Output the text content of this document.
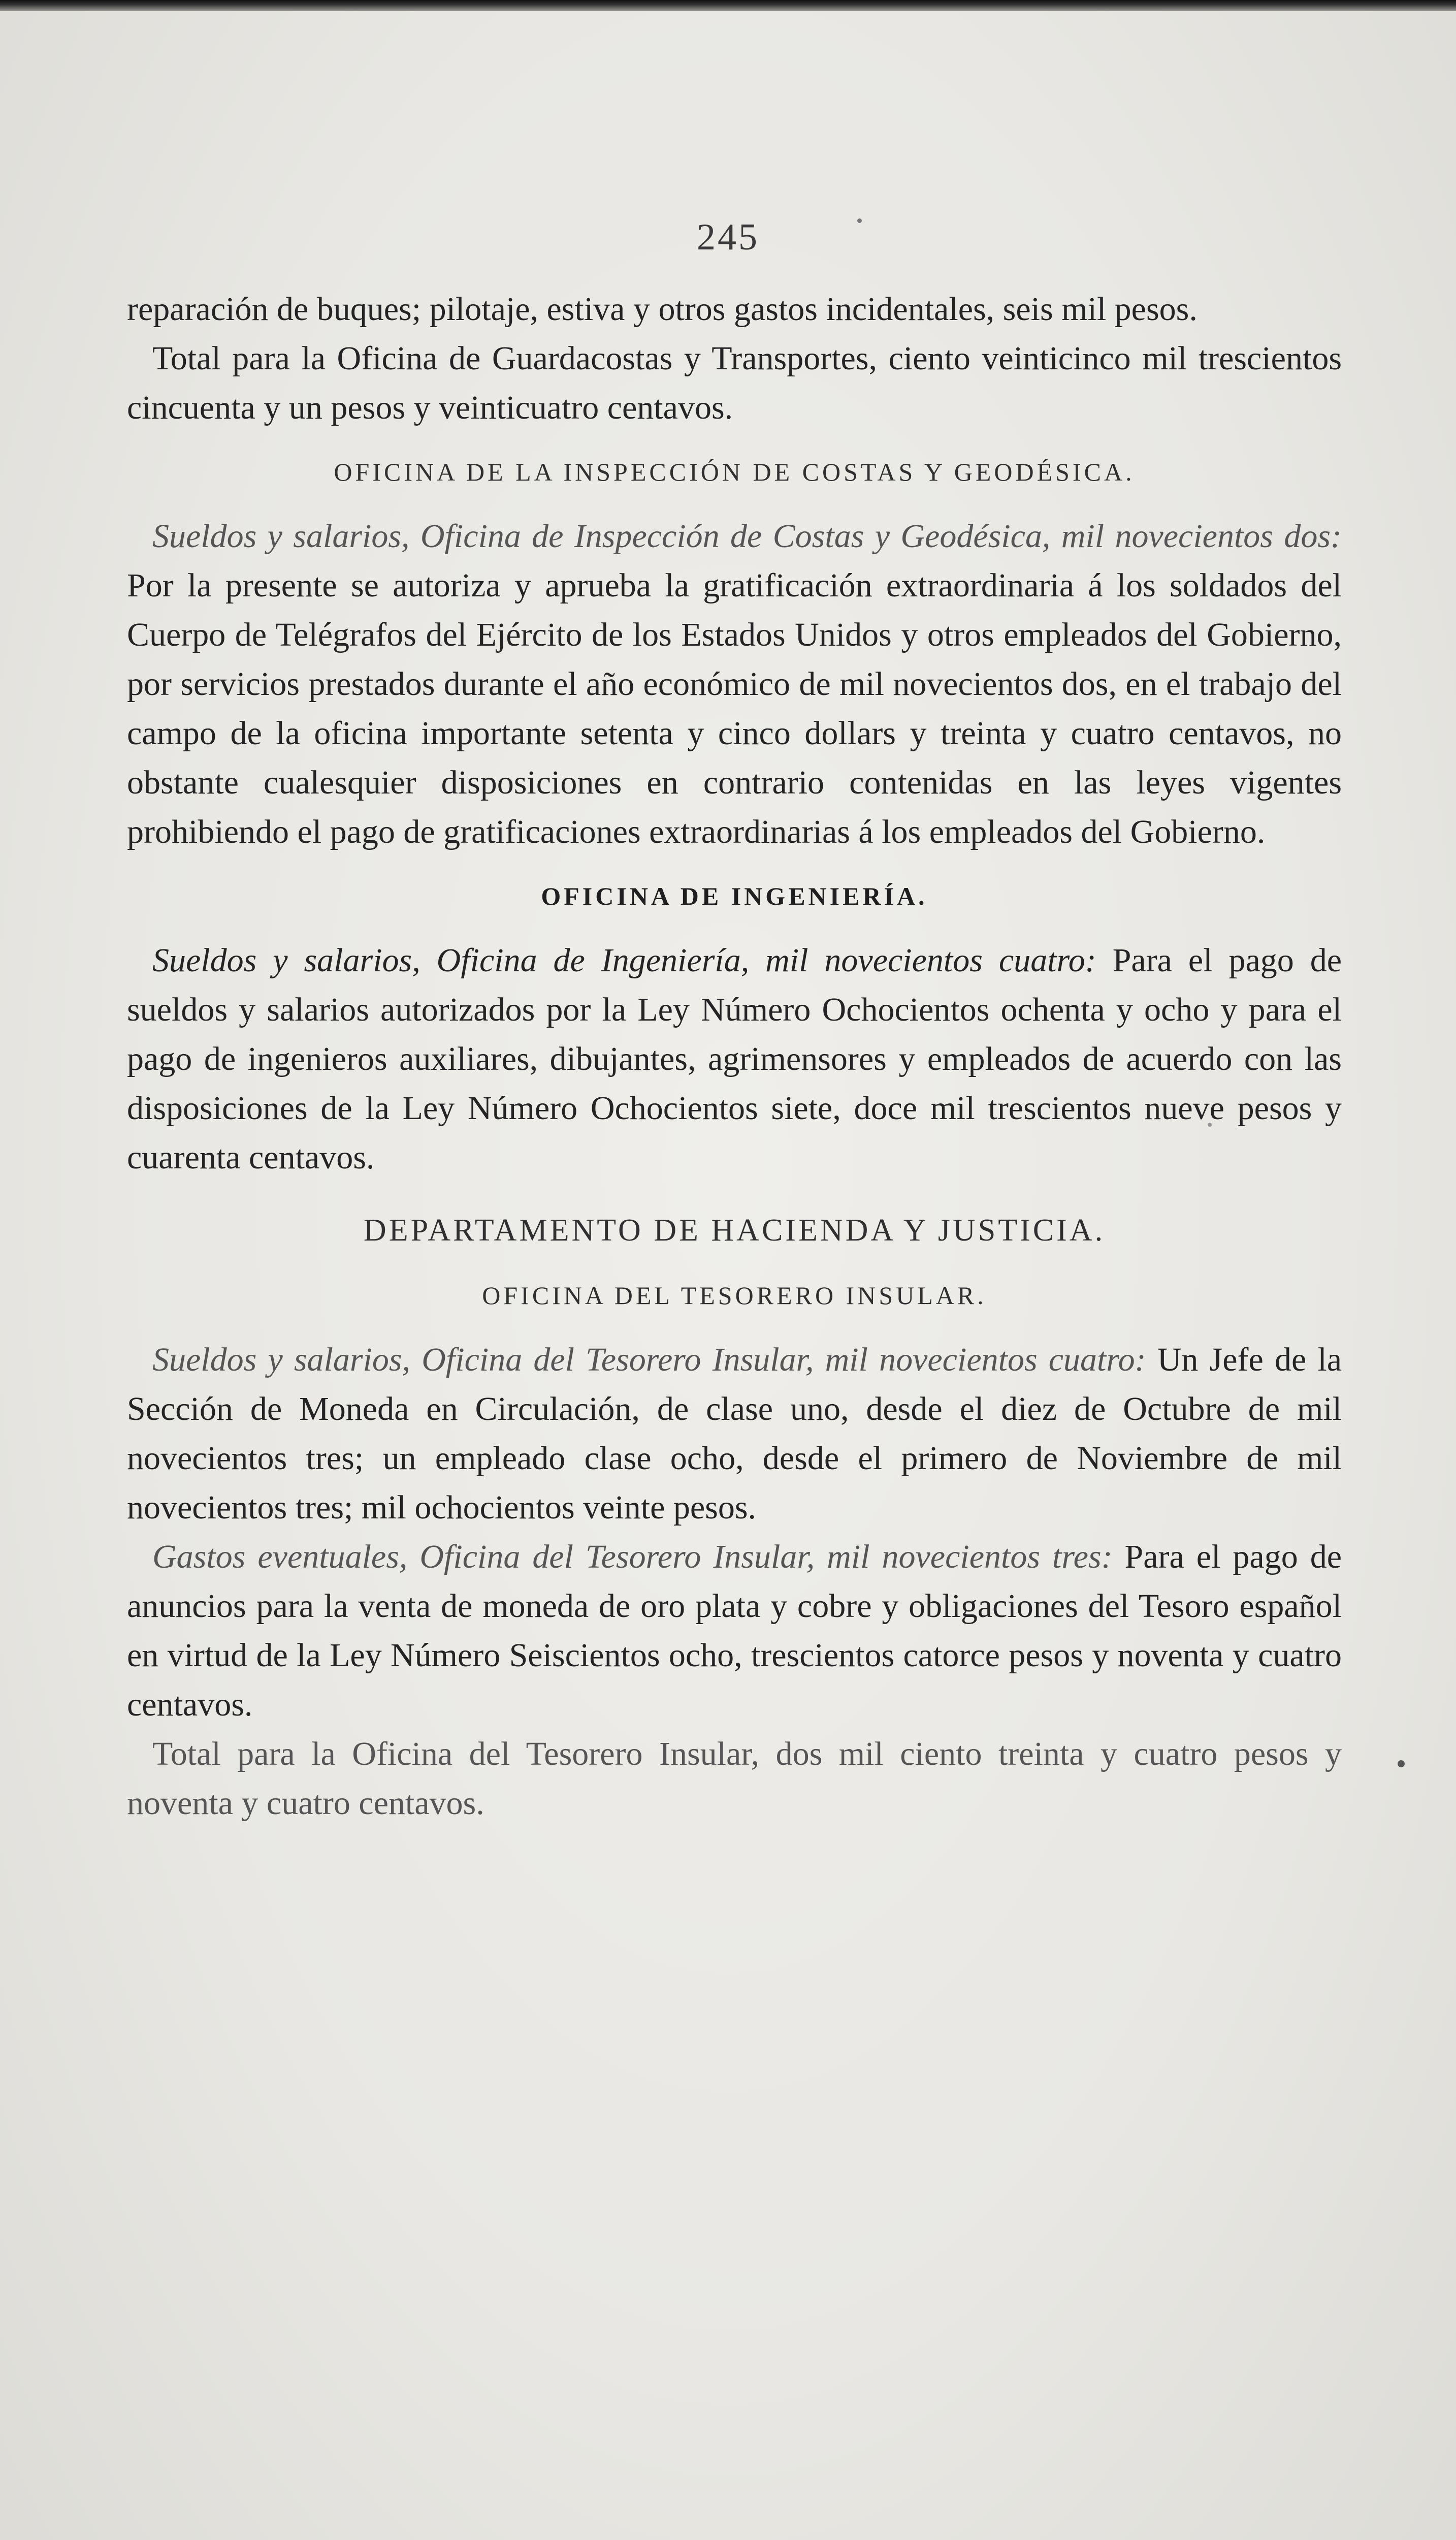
245

reparación de buques; pilotaje, estiva y otros gastos incidentales, seis mil pesos.

Total para la Oficina de Guardacostas y Transportes, ciento veinticinco mil trescientos cincuenta y un pesos y veinticuatro centavos.

OFICINA DE LA INSPECCIÓN DE COSTAS Y GEODÉSICA.

Sueldos y salarios, Oficina de Inspección de Costas y Geodésica, mil novecientos dos: Por la presente se autoriza y aprueba la gratificación extraordinaria á los soldados del Cuerpo de Telégrafos del Ejército de los Estados Unidos y otros empleados del Gobierno, por servicios prestados durante el año económico de mil novecientos dos, en el trabajo del campo de la oficina importante setenta y cinco dollars y treinta y cuatro centavos, no obstante cualesquier disposiciones en contrario contenidas en las leyes vigentes prohibiendo el pago de gratificaciones extraordinarias á los empleados del Gobierno.

OFICINA DE INGENIERÍA.

Sueldos y salarios, Oficina de Ingeniería, mil novecientos cuatro: Para el pago de sueldos y salarios autorizados por la Ley Número Ochocientos ochenta y ocho y para el pago de ingenieros auxiliares, dibujantes, agrimensores y empleados de acuerdo con las disposiciones de la Ley Número Ochocientos siete, doce mil trescientos nueve pesos y cuarenta centavos.

DEPARTAMENTO DE HACIENDA Y JUSTICIA.
OFICINA DEL TESORERO INSULAR.

Sueldos y salarios, Oficina del Tesorero Insular, mil novecientos cuatro: Un Jefe de la Sección de Moneda en Circulación, de clase uno, desde el diez de Octubre de mil novecientos tres; un empleado clase ocho, desde el primero de Noviembre de mil novecientos tres; mil ochocientos veinte pesos.

Gastos eventuales, Oficina del Tesorero Insular, mil novecientos tres: Para el pago de anuncios para la venta de moneda de oro plata y cobre y obligaciones del Tesoro español en virtud de la Ley Número Seiscientos ocho, trescientos catorce pesos y noventa y cuatro centavos.

Total para la Oficina del Tesorero Insular, dos mil ciento treinta y cuatro pesos y noventa y cuatro centavos.
